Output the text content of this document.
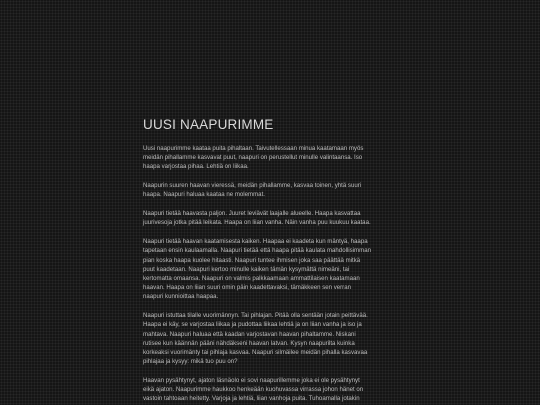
UUSI NAAPURIMME

Uusi naapurimme kaataa puita pihaltaan. Taivutellessaan minua kaatamaan myös
meidän pihallamme kasvavat puut, naapuri on perustellut minulle valintaansa. Iso
haapa varjostaa pihaa. Lehtiä on liikaa.

Naapurin suuren haavan vieressä, meidän pihallamme, kasvaa toinen, yhtä suuri
haapa. Naapuri haluaa kaataa ne molemmat.

Naapuri tietää haavasta paljon. Juuret leviävät laajalle alueelle. Haapa kasvattaa
juurivesoja jotka pitää leikata. Haapa on liian vanha. Näin vanha puu kuukuu kaataa.

Naapuri tietää haavan kaatamisesta kaiken. Haapaa ei kaadeta kun mäntyä, haapa
tapetaan ensin kaulaamalla. Naapuri tietää että haapa pitää kaulata mahdollisimman
pian koska haapa kuolee hitaasti. Naapuri tuntee ihmisen joka saa päättää mitkä
puut kaadetaan. Naapuri kertoo minulle kaiken tämän kysymättä nimeäni, tai
kertomatta omaansa. Naapuri on valmis palkkaamaan ammattilaisen kaatamaan
haavan. Haapa on liian suuri omin päin kaadettavaksi, tämäkkeen sen verran
naapuri kunnioittaa haapaa.

Naapuri istuttaa tilalle vuorimännyn. Tai pihlajan. Pitää olla sentään jotain peittävää.
Haapa ei käy, se varjostaa liikaa ja pudottaa liikaa lehtiä ja on liian vanha ja iso ja
mahtava. Naapuri haluaa että kaadan varjostavan haavan pihaltamme. Niskani
rutisee kun käännän pääni nähdäkseni haavan latvan. Kysyn naapurilta kuinka
korkeaksi vuorimänty tai pihlaja kasvaa. Naapuri silmäilee meidän pihalla kasvavaa
pihlajaa ja kysyy: mikä tuo puu on?

Haavan pysähtynyt, ajaton läsnäolo ei sovi naapurillemme joka ei ole pysähtynyt
eikä ajaton. Naapurimme haukkoo henkeään kuohuvassa virrassa johon hänet on
vastoin tahtoaan heitetty. Varjoja ja lehtiä, liian vanhoja puita. Tuhoamalla jotakin
